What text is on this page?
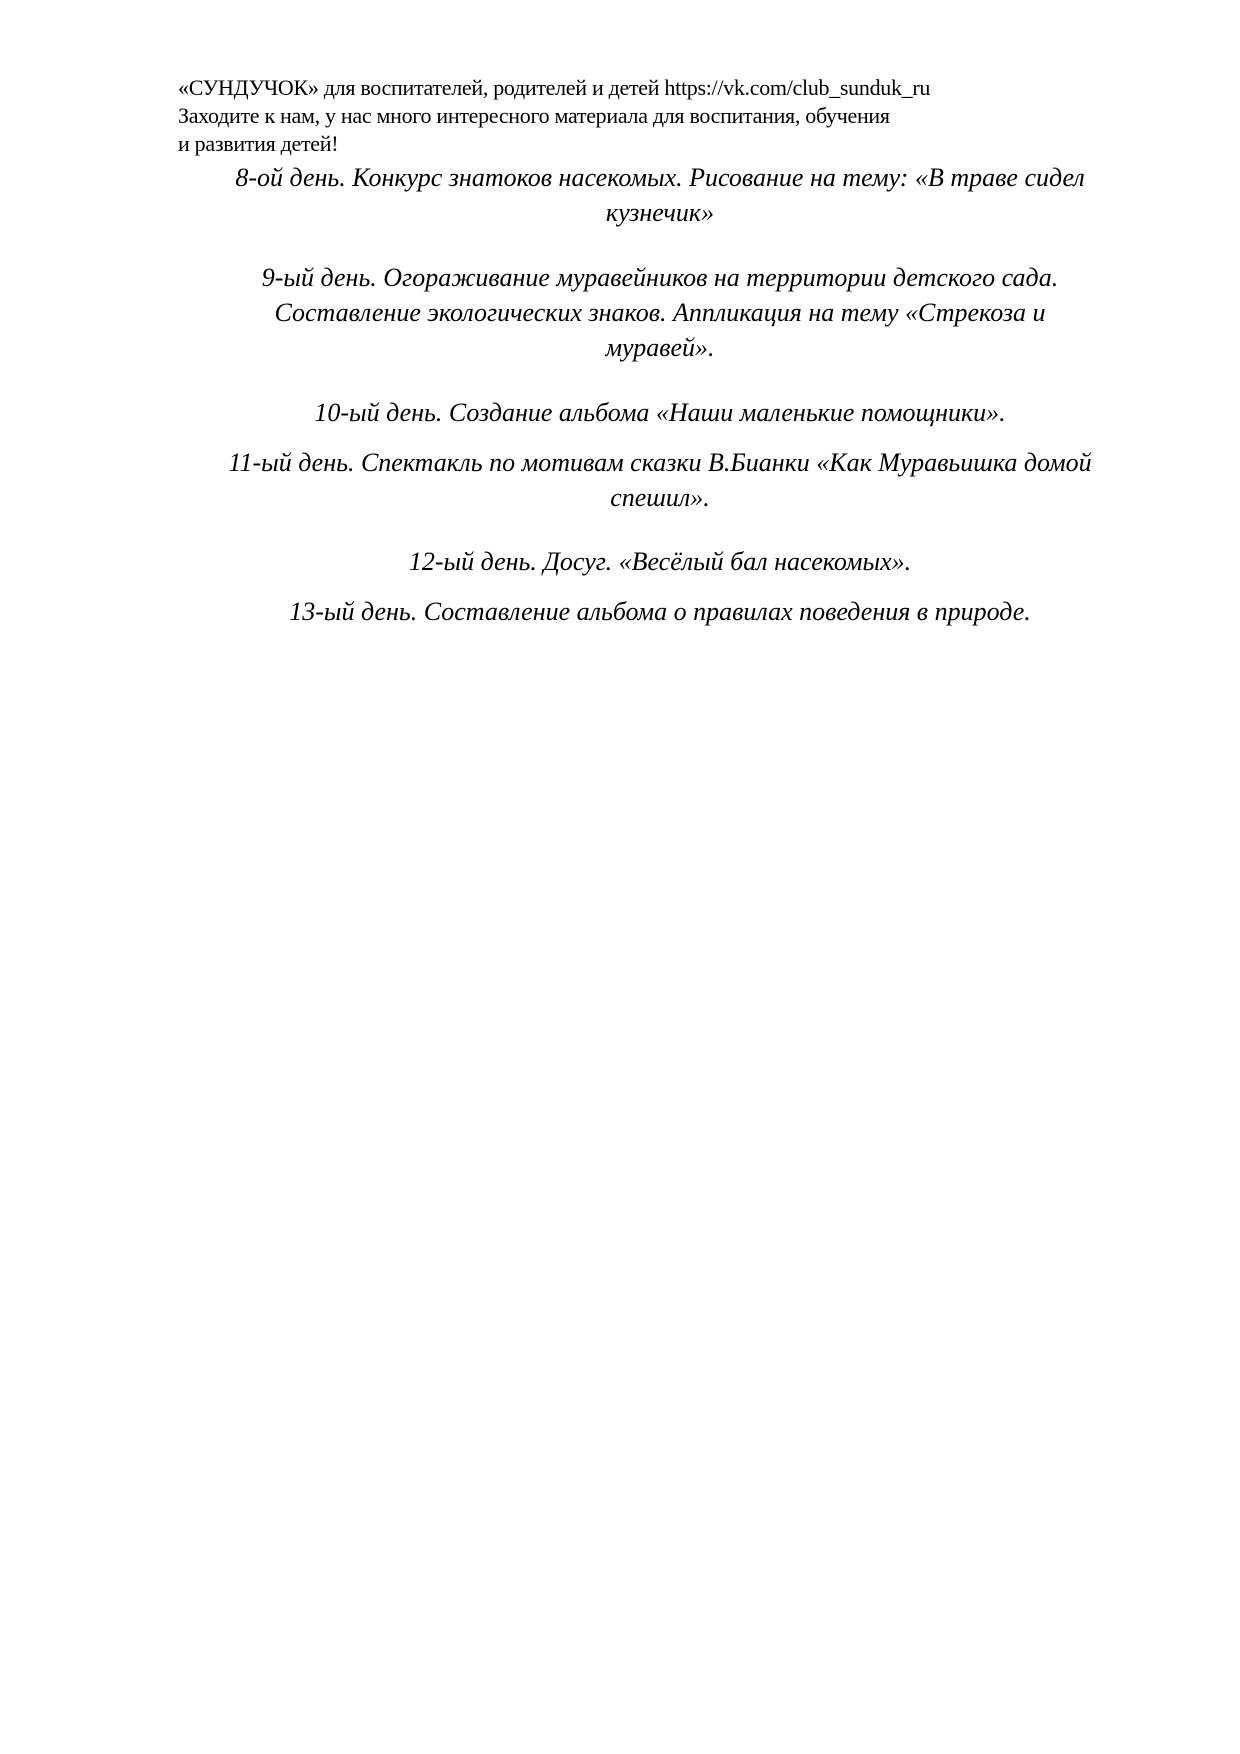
«СУНДУЧОК» для воспитателей, родителей и детей https://vk.com/club_sunduk_ru
Заходите к нам, у нас много интересного материала для воспитания, обучения
и развития детей!

8-ой день. Конкурс знатоков насекомых. Рисование на тему: «В траве сидел
кузнечик»

9-ый день. Огораживание муравейников на территории детского сада.
Составление экологических знаков. Аппликация на тему «Стрекоза и
муравей».

10-ый день. Создание альбома «Наши маленькие помощники».

11-ый день. Спектакль по мотивам сказки В.Бианки «Как Муравьишка домой
спешил».

12-ый день. Досуг. «Весёлый бал насекомых».

13-ый день. Составление альбома о правилах поведения в природе.
